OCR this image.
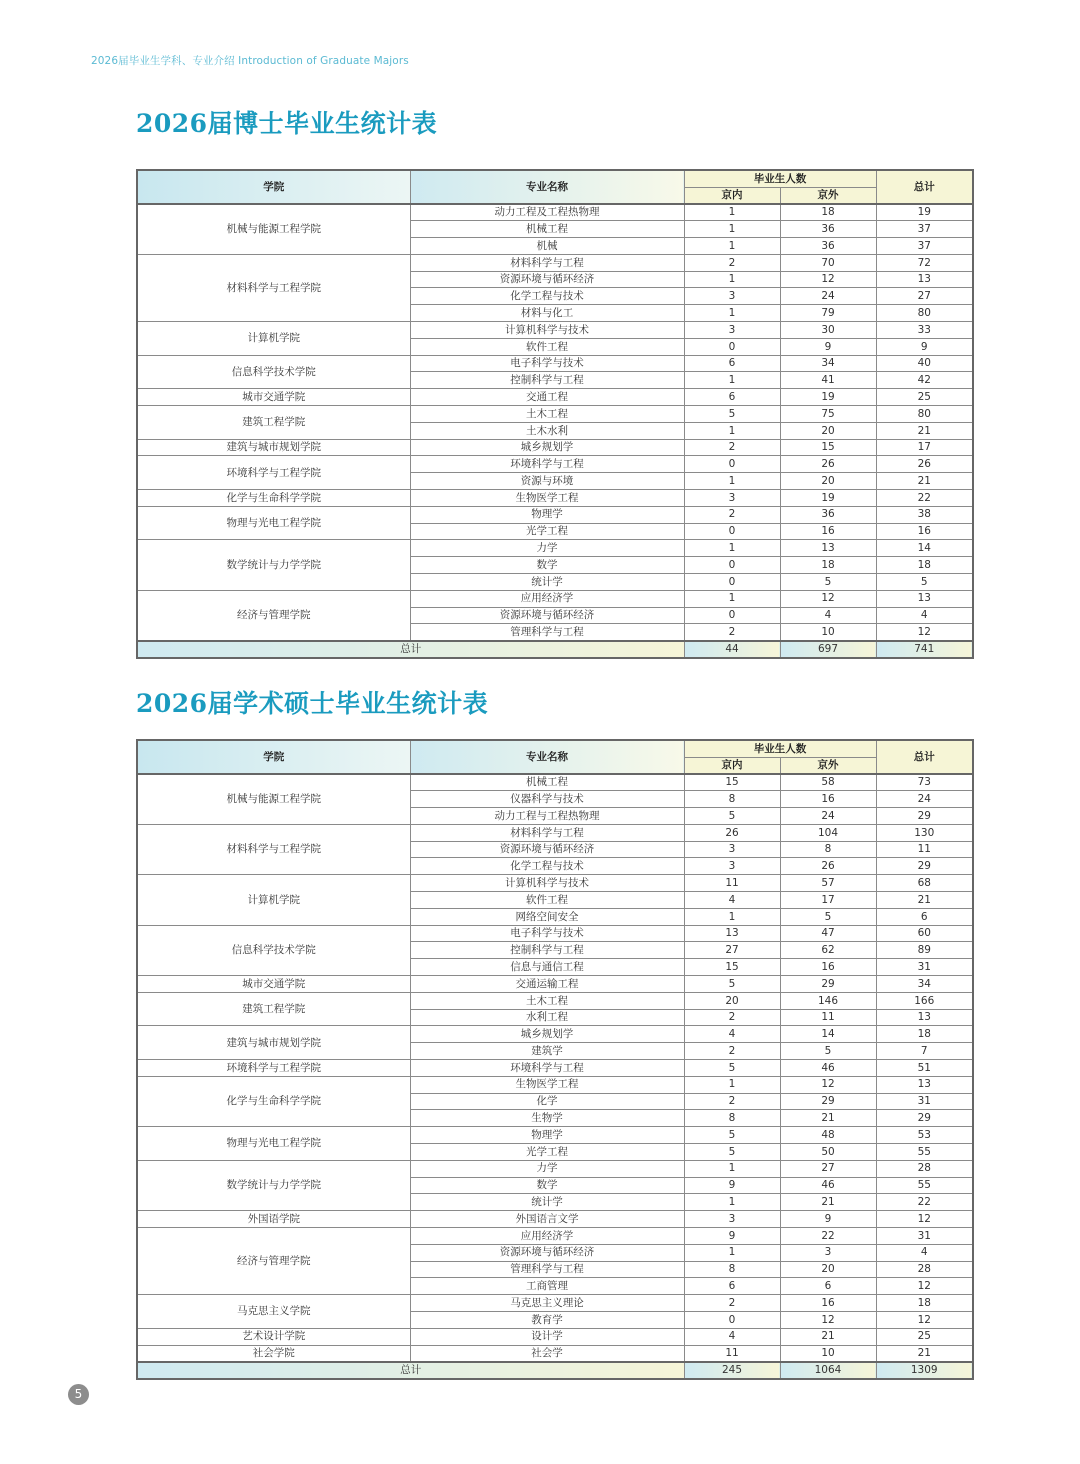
2026届毕业生学科、专业介绍 Introduction of Graduate Majors
2026届博士毕业生统计表
学院	专业名称	毕业生人数		总计
		京内	京外	
机械与能源工程学院	动力工程及工程热物理	1	18	19
	机械工程	1	36	37
	机械	1	36	37
材料科学与工程学院	材料科学与工程	2	70	72
	资源环境与循环经济	1	12	13
	化学工程与技术	3	24	27
	材料与化工	1	79	80
计算机学院	计算机科学与技术	3	30	33
	软件工程	0	9	9
信息科学技术学院	电子科学与技术	6	34	40
	控制科学与工程	1	41	42
城市交通学院	交通工程	6	19	25
建筑工程学院	土木工程	5	75	80
	土木水利	1	20	21
建筑与城市规划学院	城乡规划学	2	15	17
环境科学与工程学院	环境科学与工程	0	26	26
	资源与环境	1	20	21
化学与生命科学学院	生物医学工程	3	19	22
物理与光电工程学院	物理学	2	36	38
	光学工程	0	16	16
数学统计与力学学院	力学	1	13	14
	数学	0	18	18
	统计学	0	5	5
经济与管理学院	应用经济学	1	12	13
	资源环境与循环经济	0	4	4
	管理科学与工程	2	10	12
总计		44	697	741
2026届学术硕士毕业生统计表
学院	专业名称	毕业生人数		总计
		京内	京外	
机械与能源工程学院	机械工程	15	58	73
	仪器科学与技术	8	16	24
	动力工程与工程热物理	5	24	29
材料科学与工程学院	材料科学与工程	26	104	130
	资源环境与循环经济	3	8	11
	化学工程与技术	3	26	29
计算机学院	计算机科学与技术	11	57	68
	软件工程	4	17	21
	网络空间安全	1	5	6
信息科学技术学院	电子科学与技术	13	47	60
	控制科学与工程	27	62	89
	信息与通信工程	15	16	31
城市交通学院	交通运输工程	5	29	34
建筑工程学院	土木工程	20	146	166
	水利工程	2	11	13
建筑与城市规划学院	城乡规划学	4	14	18
	建筑学	2	5	7
环境科学与工程学院	环境科学与工程	5	46	51
化学与生命科学学院	生物医学工程	1	12	13
	化学	2	29	31
	生物学	8	21	29
物理与光电工程学院	物理学	5	48	53
	光学工程	5	50	55
数学统计与力学学院	力学	1	27	28
	数学	9	46	55
	统计学	1	21	22
外国语学院	外国语言文学	3	9	12
经济与管理学院	应用经济学	9	22	31
	资源环境与循环经济	1	3	4
	管理科学与工程	8	20	28
	工商管理	6	6	12
马克思主义学院	马克思主义理论	2	16	18
	教育学	0	12	12
艺术设计学院	设计学	4	21	25
社会学院	社会学	11	10	21
总计		245	1064	1309
5
